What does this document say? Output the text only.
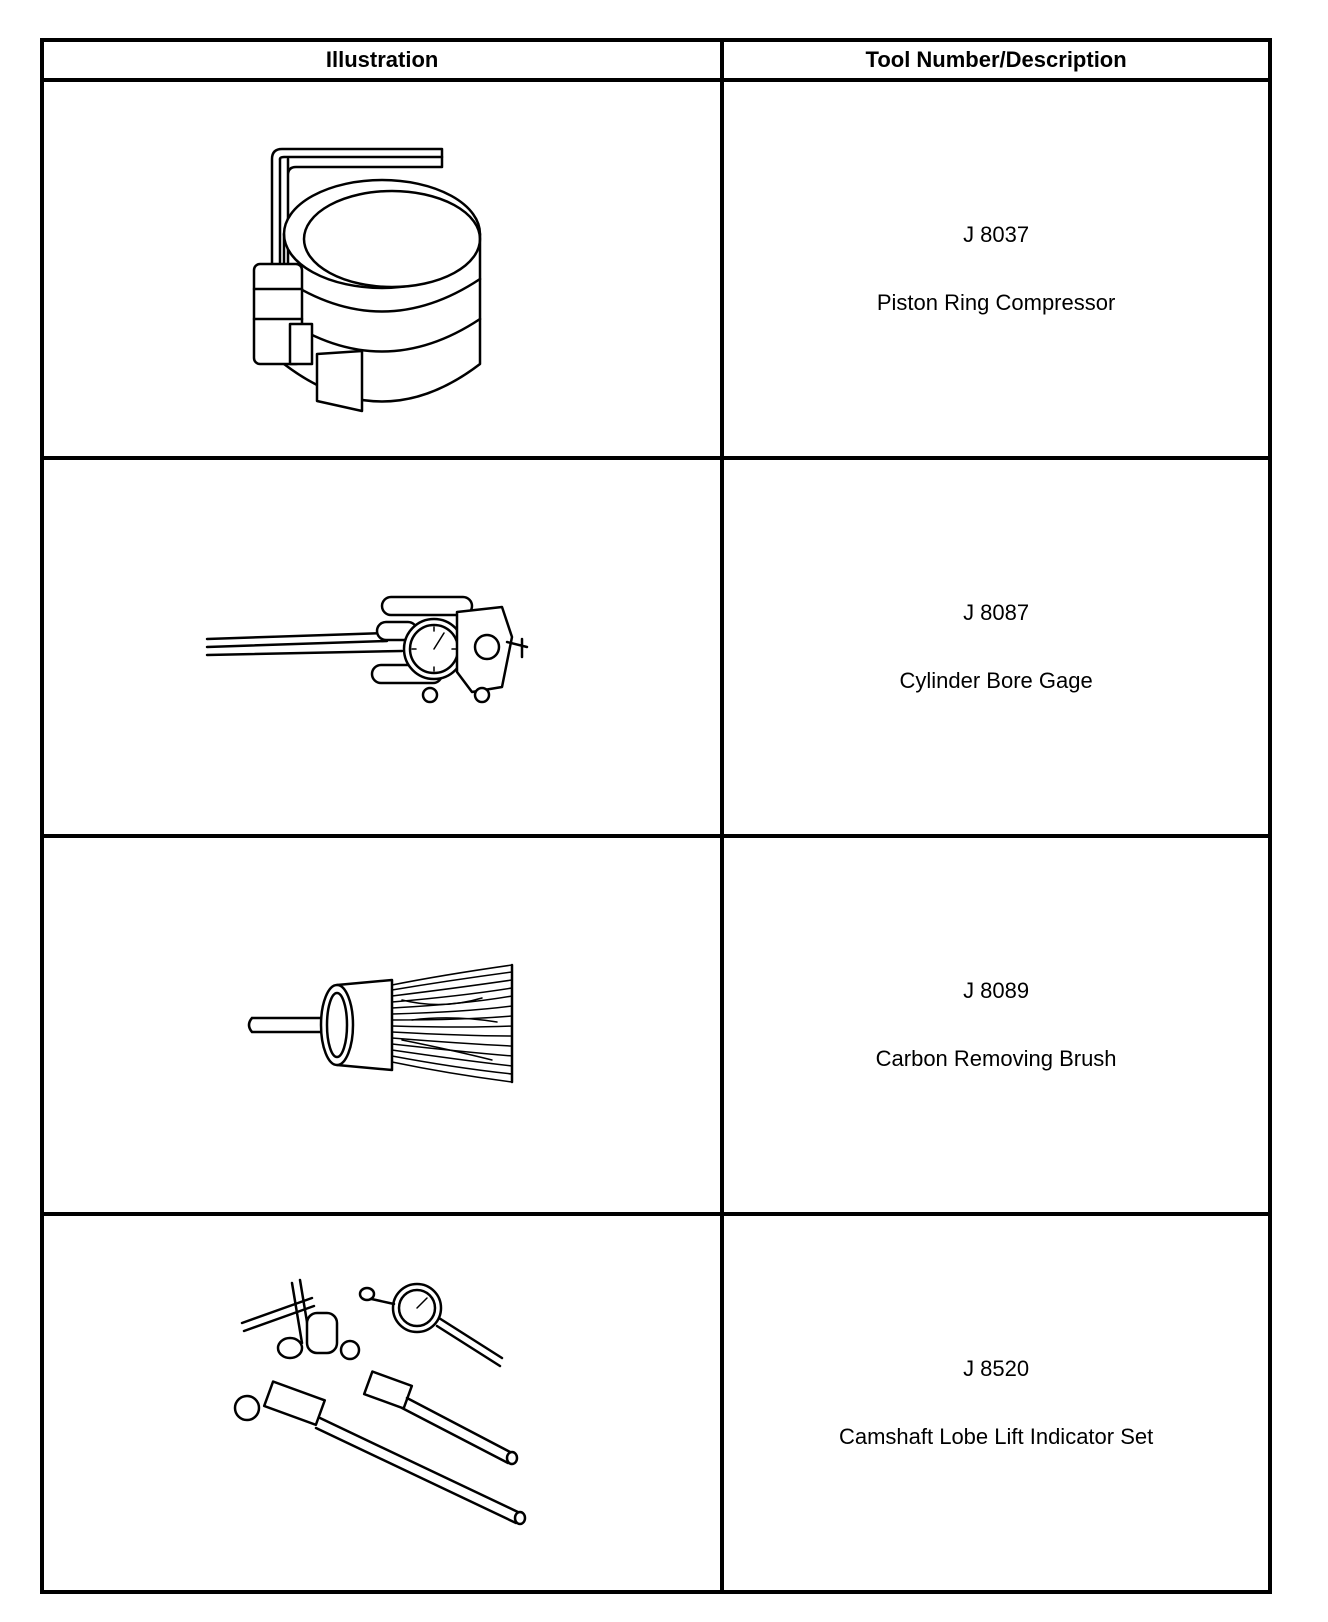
Illustration	Tool Number/Description

J 8037
Piston Ring Compressor

J 8087
Cylinder Bore Gage

J 8089
Carbon Removing Brush

J 8520
Camshaft Lobe Lift Indicator Set
